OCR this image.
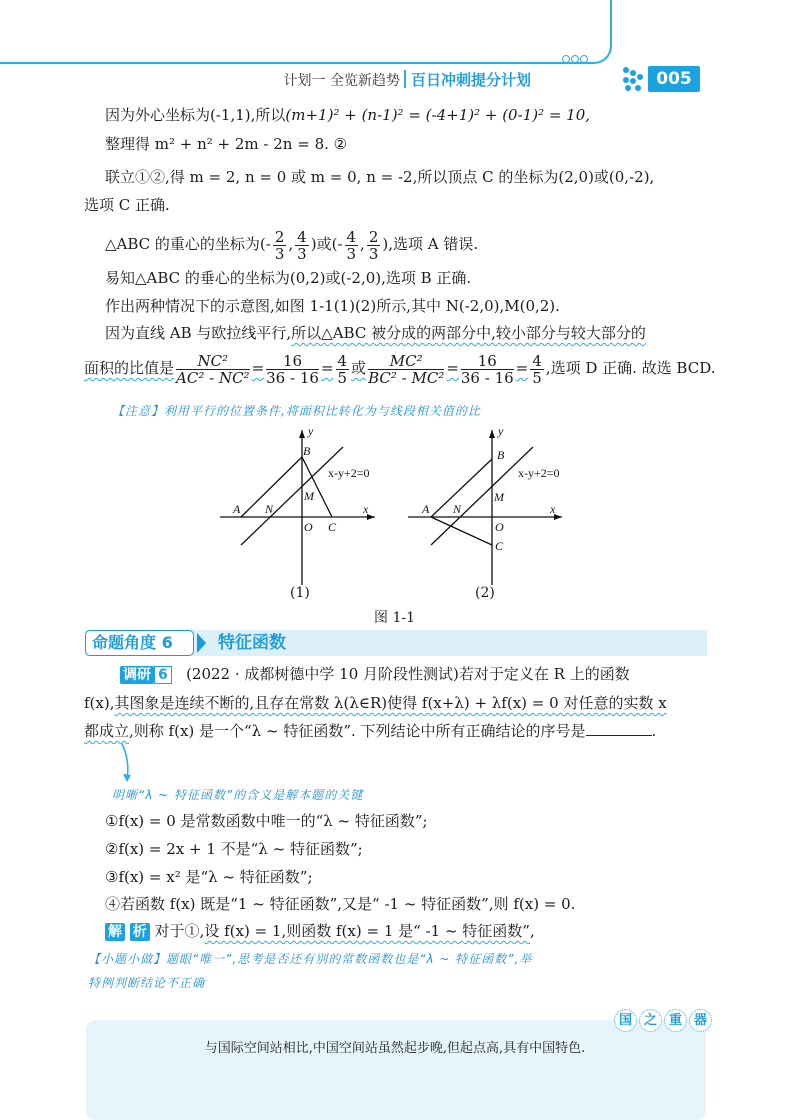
计划一 全览新趋势 百日冲刺提分计划	005
因为外心坐标为(-1,1),所以(m+1)² + (n-1)² = (-4+1)² + (0-1)² = 10,
整理得 m² + n² + 2m - 2n = 8. ②
联立①②,得 m = 2, n = 0 或 m = 0, n = -2,所以顶点 C 的坐标为(2,0)或(0,-2),
选项 C 正确.
△ABC 的重心的坐标为(- $\frac{2}{3}$ , $\frac{4}{3}$ )或(- $\frac{4}{3}$ , $\frac{2}{3}$ ),选项 A 错误.
易知△ABC 的垂心的坐标为(0,2)或(-2,0),选项 B 正确.
作出两种情况下的示意图,如图 1-1(1)(2)所示,其中 N(-2,0),M(0,2).
因为直线 AB 与欧拉线平行,所以△ABC 被分成的两部分中,较小部分与较大部分的
面积的比值是 $\frac{\text{NC²}}{\text{AC² - NC²}} = \frac{16}{36 - 16} = \frac{4}{5}$ 或 $\frac{\text{MC²}}{\text{BC² - MC²}} = \frac{16}{36 - 16} = \frac{4}{5}$ ,选项 D 正确. 故选 BCD.
【注意】利用平行的位置条件,将面积比转化为与线段相关值的比
y
B
x-y+2=0
M
A N	x
O C
(1)
y
B
x-y+2=0
M
A N	x
O
C
(2)
图 1-1
命题角度 6	特征函数
调研 6 (2022 · 成都树德中学 10 月阶段性测试)若对于定义在 R 上的函数
f(x),其图象是连续不断的,且存在常数 λ(λ∈R)使得 f(x+λ) + λf(x) = 0 对任意的实数 x
都成立,则称 f(x) 是一个“λ ~ 特征函数”. 下列结论中所有正确结论的序号是	.
明晰“λ ~ 特征函数”的含义是解本题的关键
①f(x) = 0 是常数函数中唯一的“λ ~ 特征函数”;
②f(x) = 2x + 1 不是“λ ~ 特征函数”;
③f(x) = x² 是“λ ~ 特征函数”;
④若函数 f(x) 既是“1 ~ 特征函数”,又是“ -1 ~ 特征函数”,则 f(x) = 0.
解 析 对于①,设 f(x) = 1,则函数 f(x) = 1 是“ -1 ~ 特征函数”,
【小题小做】题眼“唯一”,思考是否还有别的常数函数也是“λ ~ 特征函数”,举
特例判断结论不正确
国 之 重 器
与国际空间站相比,中国空间站虽然起步晚,但起点高,具有中国特色.
